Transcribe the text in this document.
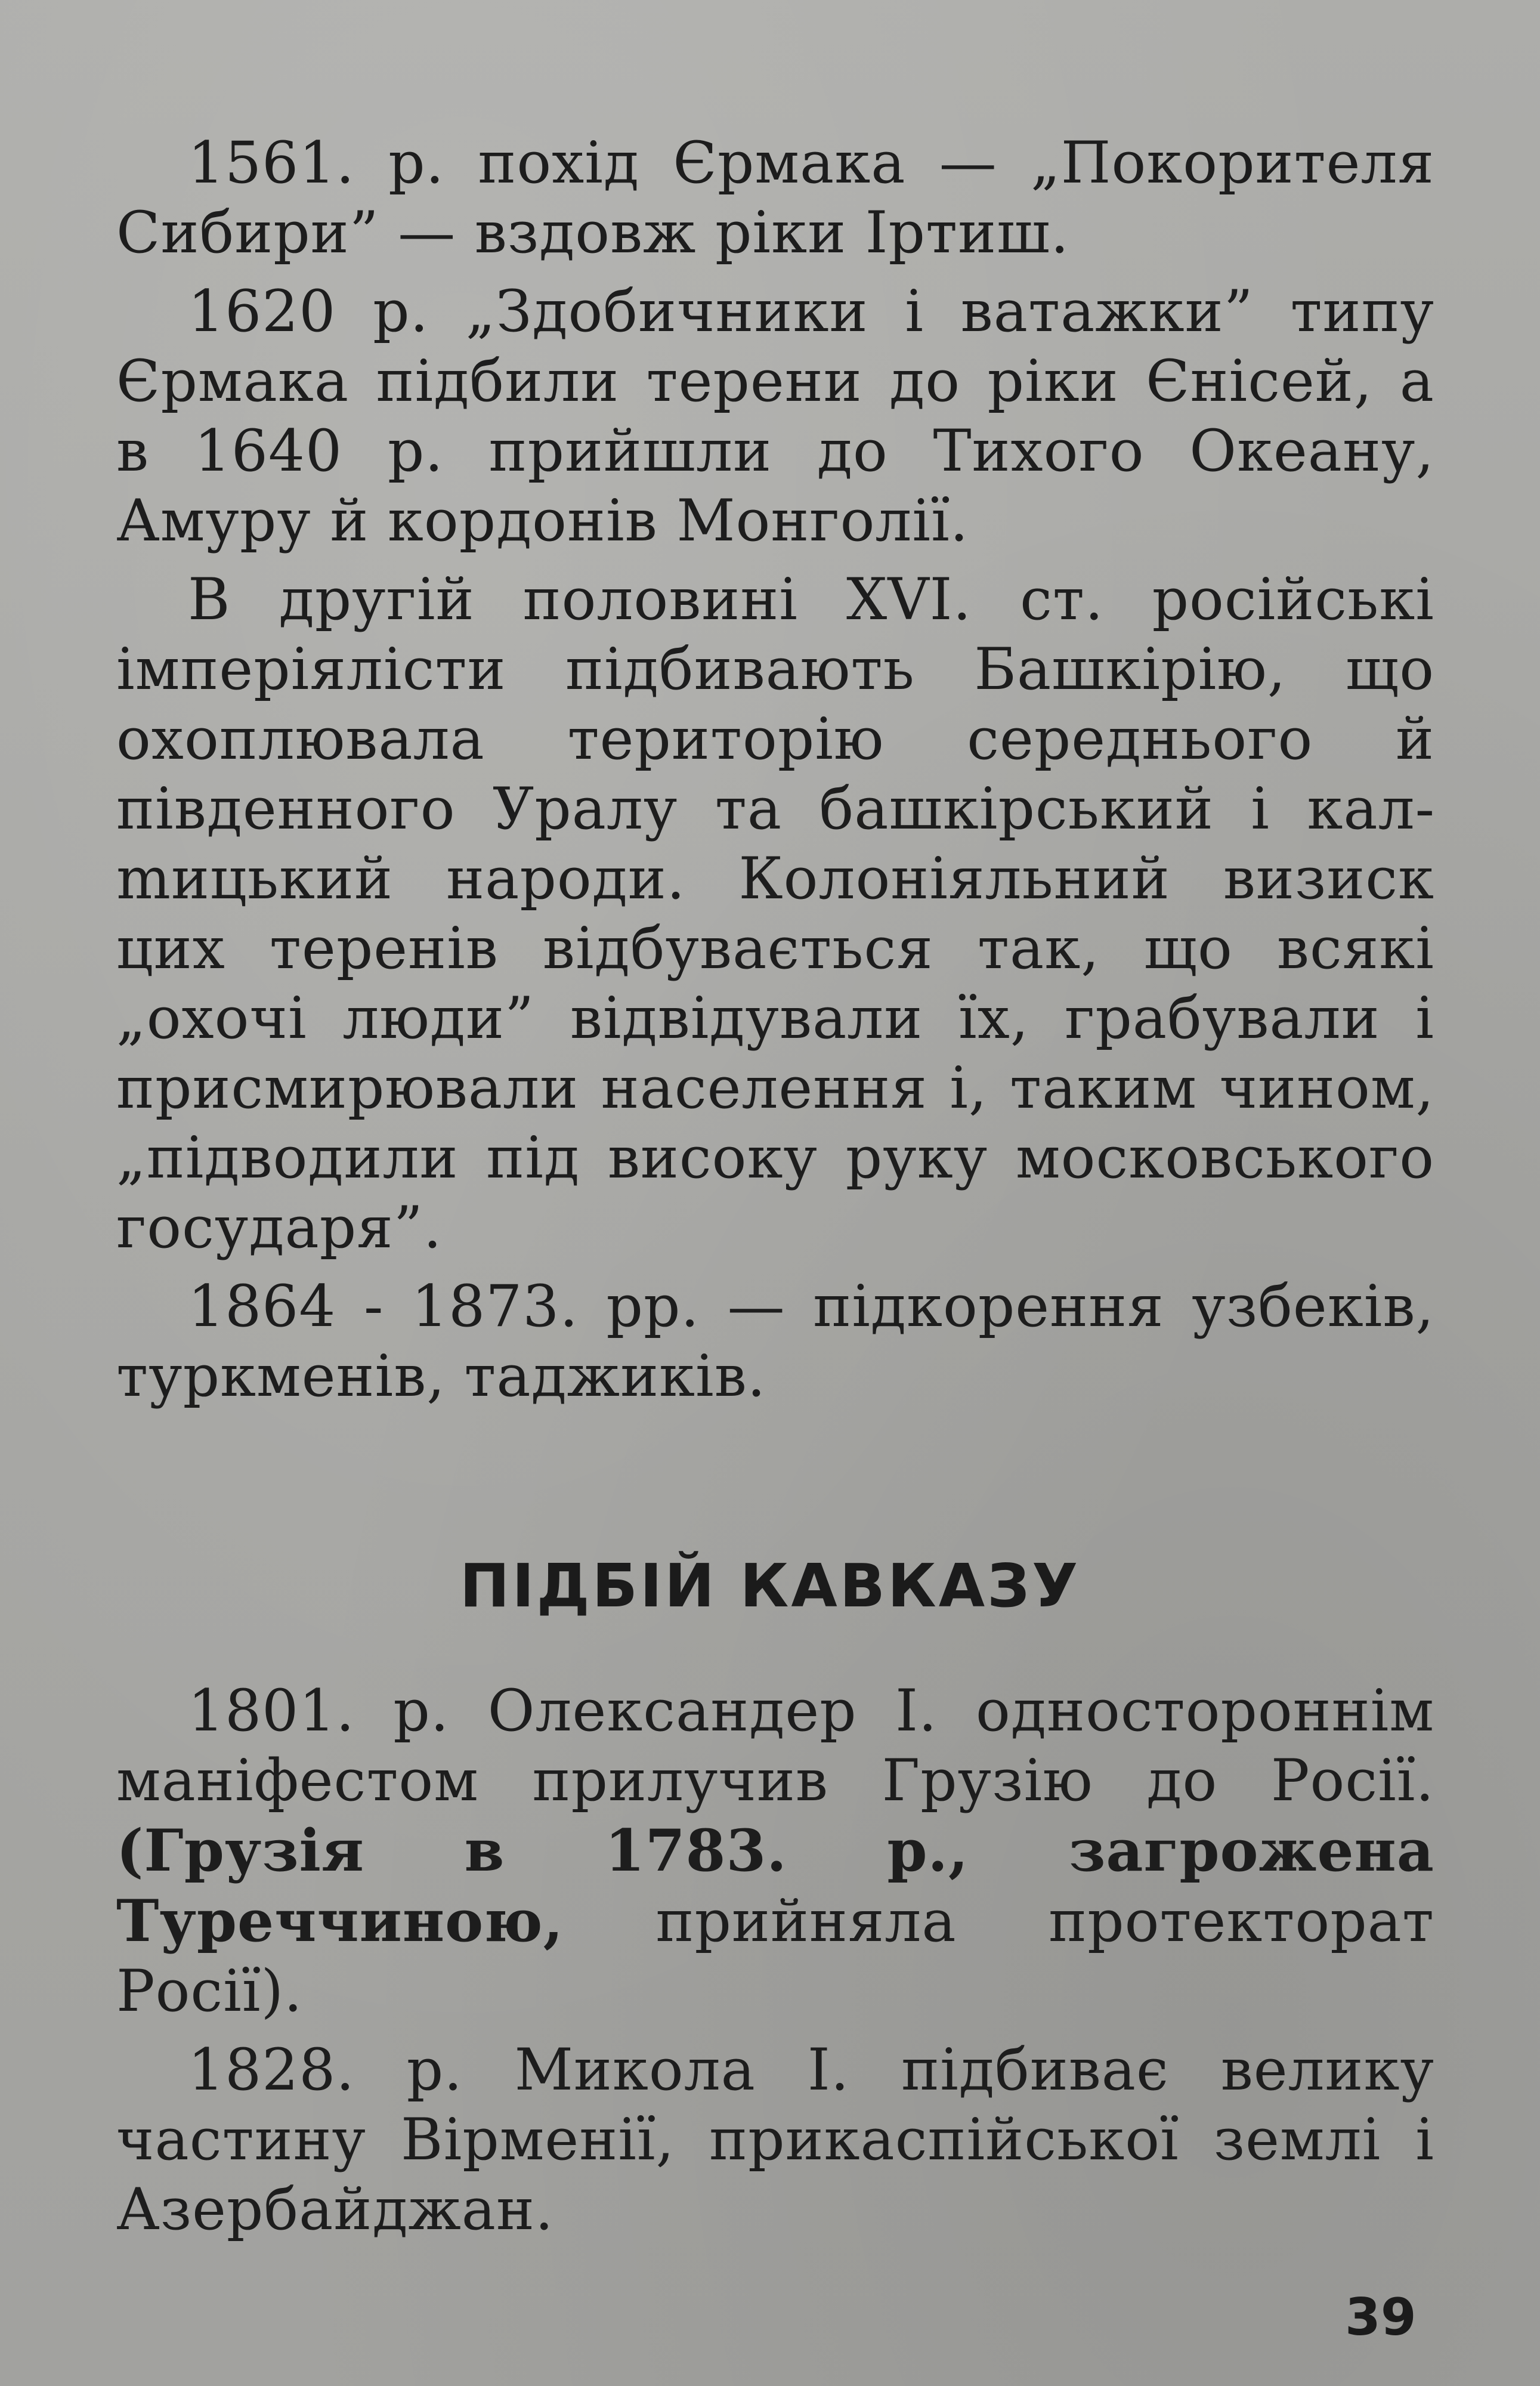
1561. р. похід Єрмака — „Покорителя Сибири” — вздовж ріки Іртиш.

1620 р. „Здобичники і ватажки” типу Єрмака підбили терени до ріки Єнісей, а в 1640 р. прийшли до Тихого Океану, Амуру й кордонів Монголії.

В другій половині XVI. ст. російські імперіялісти підбивають Башкірію, що охоплювала територію середнього й південного Уралу та башкірський і калmицький народи. Колоніяльний визиск цих теренів відбувається так, що всякі „охочі люди” відвідували їх, грабували і присмирювали населення і, таким чином, „підводили під високу руку московського государя”.

1864 - 1873. рр. — підкорення узбеків, туркменів, таджиків.

ПІДБІЙ КАВКАЗУ

1801. р. Олександер І. одностороннім маніфестом прилучив Грузію до Росії. (Грузія в 1783. р., загрожена Туреччиною, прийняла протекторат Росії).

1828. р. Микола І. підбиває велику частину Вірменії, прикаспійської землі і Азербайджан.

39
